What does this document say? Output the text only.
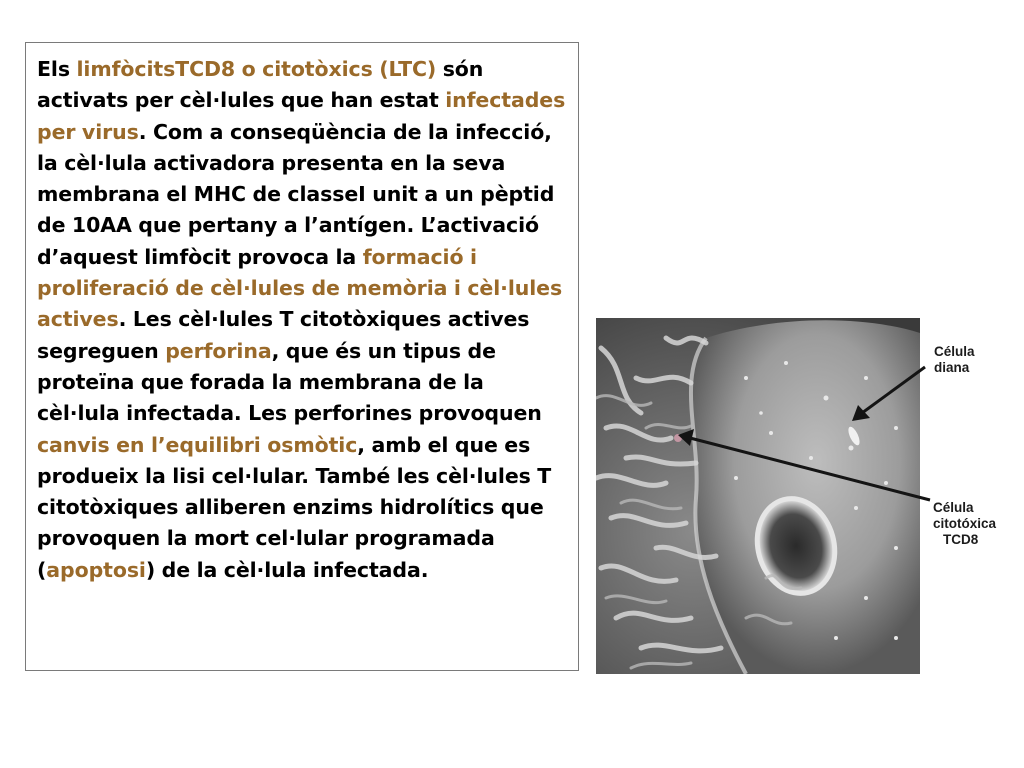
Els limfòcitsTCD8 o citotòxics (LTC) són activats per cèl·lules que han estat infectades per virus. Com a conseqüència de la infecció, la cèl·lula activadora presenta en la seva membrana el MHC de classeI unit a un pèptid de 10AA que pertany a l’antígen. L’activació d’aquest limfòcit provoca la formació i proliferació de cèl·lules de memòria i cèl·lules actives. Les cèl·lules T citotòxiques actives segreguen perforina, que és un tipus de proteïna que forada la membrana de la cèl·lula infectada. Les perforines provoquen canvis en l’equilibri osmòtic, amb el que es produeix la lisi cel·lular. També les cèl·lules T citotòxiques alliberen enzims hidrolítics que provoquen la mort cel·lular programada (apoptosi) de la cèl·lula infectada.

Célula
diana
Célula
citotóxica
TCD8
